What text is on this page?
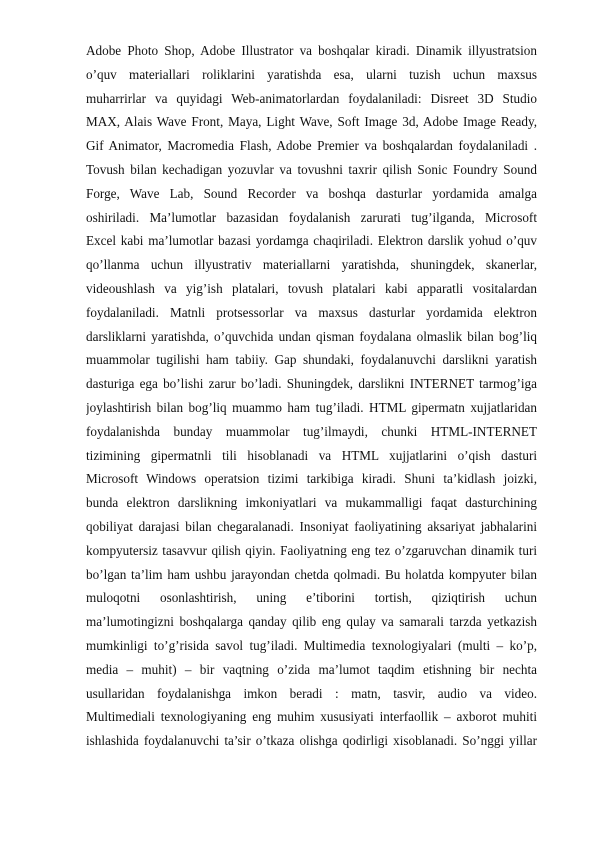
Adobe Photo Shop, Adobe Illustrator va boshqalar kiradi. Dinamik illyustratsion
o’quv materiallari roliklarini yaratishda esa, ularni tuzish uchun maxsus
muharrirlar va quyidagi Web-animatorlardan foydalaniladi: Disreet 3D Studio
MAX, Alais Wave Front, Maya, Light Wave, Soft Image 3d, Adobe Image Ready,
Gif Animator, Macromedia Flash, Adobe Premier va boshqalardan foydalaniladi .
Tovush bilan kechadigan yozuvlar va tovushni taxrir qilish Sonic Foundry Sound
Forge, Wave Lab, Sound Recorder va boshqa dasturlar yordamida amalga
oshiriladi. Ma’lumotlar bazasidan foydalanish zarurati tug’ilganda, Microsoft
Excel kabi ma’lumotlar bazasi yordamga chaqiriladi. Elektron darslik yohud o’quv
qo’llanma uchun illyustrativ materiallarni yaratishda, shuningdek, skanerlar,
videoushlash va yig’ish platalari, tovush platalari kabi apparatli vositalardan
foydalaniladi. Matnli protsessorlar va maxsus dasturlar yordamida elektron
darsliklarni yaratishda, o’quvchida undan qisman foydalana olmaslik bilan bog’liq
muammolar tugilishi ham tabiiy. Gap shundaki, foydalanuvchi darslikni yaratish
dasturiga ega bo’lishi zarur bo’ladi. Shuningdek, darslikni INTERNET tarmog’iga
joylashtirish bilan bog’liq muammo ham tug’iladi. HTML gipermatn xujjatlaridan
foydalanishda bunday muammolar tug’ilmaydi, chunki HTML-INTERNET
tizimining gipermatnli tili hisoblanadi va HTML xujjatlarini o’qish dasturi
Microsoft Windows operatsion tizimi tarkibiga kiradi. Shuni ta’kidlash joizki,
bunda elektron darslikning imkoniyatlari va mukammalligi faqat dasturchining
qobiliyat darajasi bilan chegaralanadi. Insoniyat faoliyatining aksariyat jabhalarini
kompyutersiz tasavvur qilish qiyin. Faoliyatning eng tez o’zgaruvchan dinamik turi
bo’lgan ta’lim ham ushbu jarayondan chetda qolmadi. Bu holatda kompyuter bilan
muloqotni osonlashtirish, uning e’tiborini tortish, qiziqtirish uchun
ma’lumotingizni boshqalarga qanday qilib eng qulay va samarali tarzda yetkazish
mumkinligi to’g’risida savol tug’iladi. Multimedia texnologiyalari (multi – ko’p,
media – muhit) – bir vaqtning o’zida ma’lumot taqdim etishning bir nechta
usullaridan foydalanishga imkon beradi : matn, tasvir, audio va video.
Multimediali texnologiyaning eng muhim xususiyati interfaollik – axborot muhiti
ishlashida foydalanuvchi ta’sir o’tkaza olishga qodirligi xisoblanadi. So’nggi yillar
